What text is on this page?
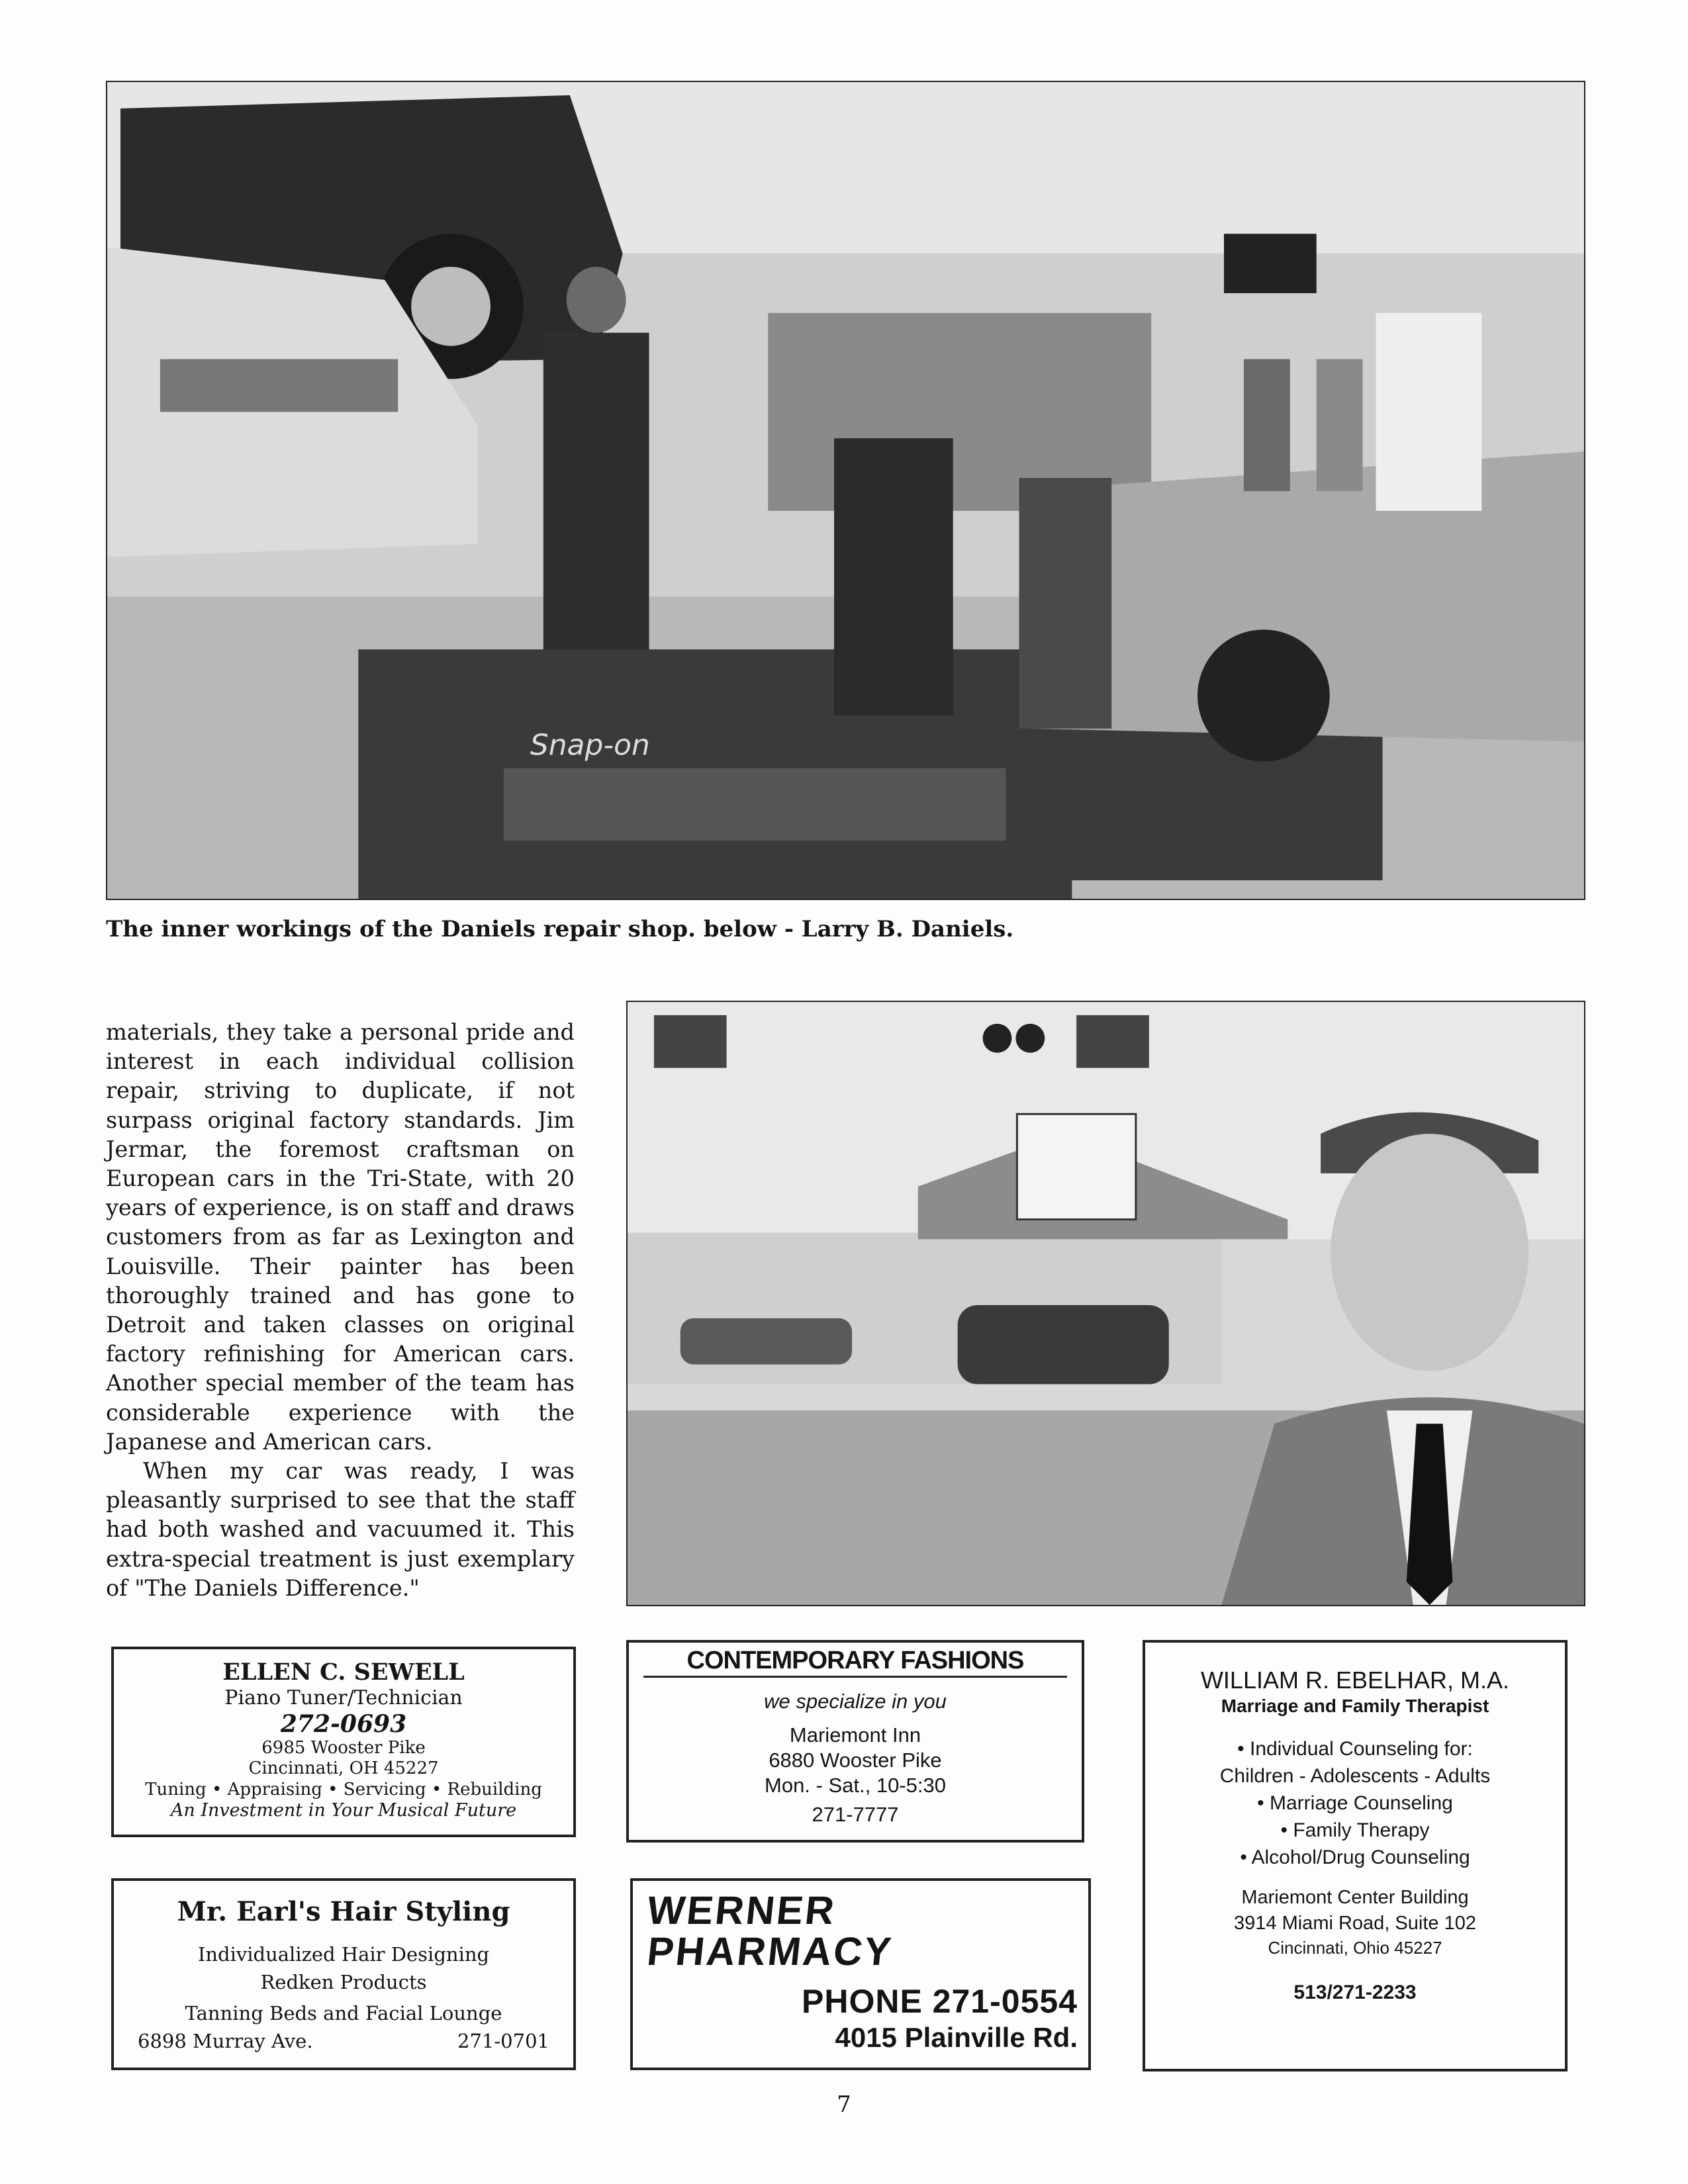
Snap-on
The inner workings of the Daniels repair shop. below - Larry B. Daniels.

materials, they take a personal pride and interest in each individual collision repair, striving to duplicate, if not surpass original factory standards. Jim Jermar, the foremost craftsman on European cars in the Tri-State, with 20 years of experience, is on staff and draws customers from as far as Lexington and Louisville. Their painter has been thoroughly trained and has gone to Detroit and taken classes on original factory refinishing for American cars. Another special member of the team has considerable experience with the Japanese and American cars.

When my car was ready, I was pleasantly surprised to see that the staff had both washed and vacuumed it. This extra-special treatment is just exemplary of "The Daniels Difference."

ELLEN C. SEWELL
Piano Tuner/Technician
272-0693
6985 Wooster Pike
Cincinnati, OH 45227
Tuning • Appraising • Servicing • Rebuilding
An Investment in Your Musical Future
CONTEMPORARY FASHIONS
we specialize in you
Mariemont Inn
6880 Wooster Pike
Mon. - Sat., 10-5:30
271-7777
WILLIAM R. EBELHAR, M.A.
Marriage and Family Therapist
• Individual Counseling for:
Children - Adolescents - Adults
• Marriage Counseling
• Family Therapy
• Alcohol/Drug Counseling
Mariemont Center Building
3914 Miami Road, Suite 102
Cincinnati, Ohio 45227
513/271-2233
Mr. Earl's Hair Styling
Individualized Hair Designing
Redken Products
Tanning Beds and Facial Lounge
6898 Murray Ave.	271-0701
WERNER
PHARMACY
PHONE 271-0554
4015 Plainville Rd.
7
